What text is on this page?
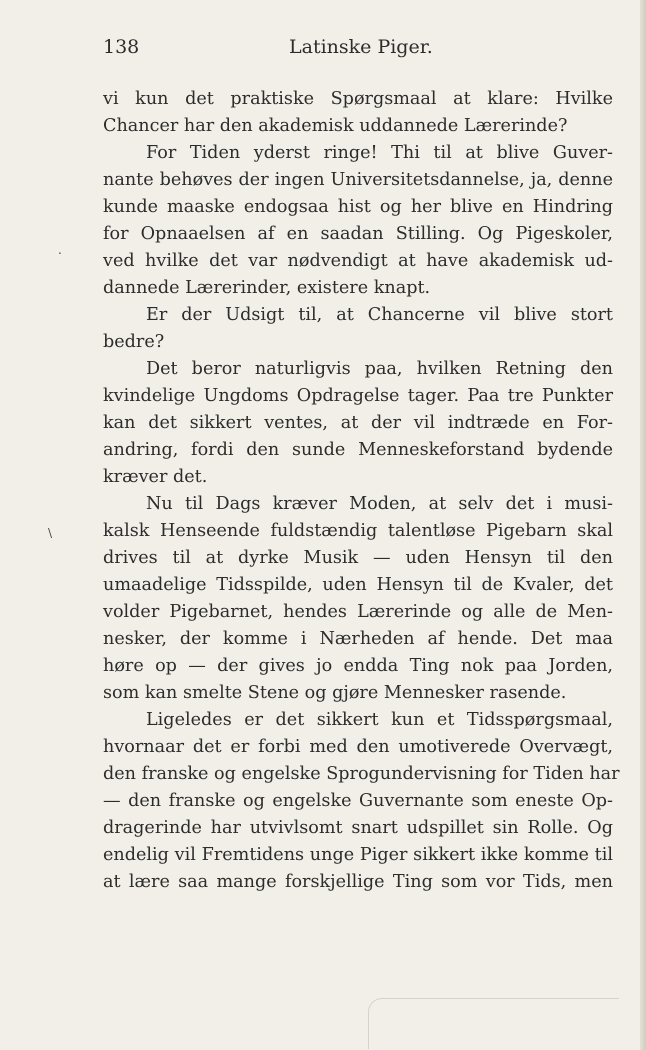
138	Latinske Piger.
vi kun det praktiske Spørgsmaal at klare: Hvilke
Chancer har den akademisk uddannede Lærerinde?
For Tiden yderst ringe! Thi til at blive Guver-
nante behøves der ingen Universitetsdannelse, ja, denne
kunde maaske endogsaa hist og her blive en Hindring
for Opnaaelsen af en saadan Stilling. Og Pigeskoler,
ved hvilke det var nødvendigt at have akademisk ud-
dannede Lærerinder, existere knapt.
Er der Udsigt til, at Chancerne vil blive stort
bedre?
Det beror naturligvis paa, hvilken Retning den
kvindelige Ungdoms Opdragelse tager. Paa tre Punkter
kan det sikkert ventes, at der vil indtræde en For-
andring, fordi den sunde Menneskeforstand bydende
kræver det.
Nu til Dags kræver Moden, at selv det i musi-
kalsk Henseende fuldstændig talentløse Pigebarn skal
drives til at dyrke Musik — uden Hensyn til den
umaadelige Tidsspilde, uden Hensyn til de Kvaler, det
volder Pigebarnet, hendes Lærerinde og alle de Men-
nesker, der komme i Nærheden af hende. Det maa
høre op — der gives jo endda Ting nok paa Jorden,
som kan smelte Stene og gjøre Mennesker rasende.
Ligeledes er det sikkert kun et Tidsspørgsmaal,
hvornaar det er forbi med den umotiverede Overvægt,
den franske og engelske Sprogundervisning for Tiden har
— den franske og engelske Guvernante som eneste Op-
dragerinde har utvivlsomt snart udspillet sin Rolle. Og
endelig vil Fremtidens unge Piger sikkert ikke komme til
at lære saa mange forskjellige Ting som vor Tids, men
.
\
